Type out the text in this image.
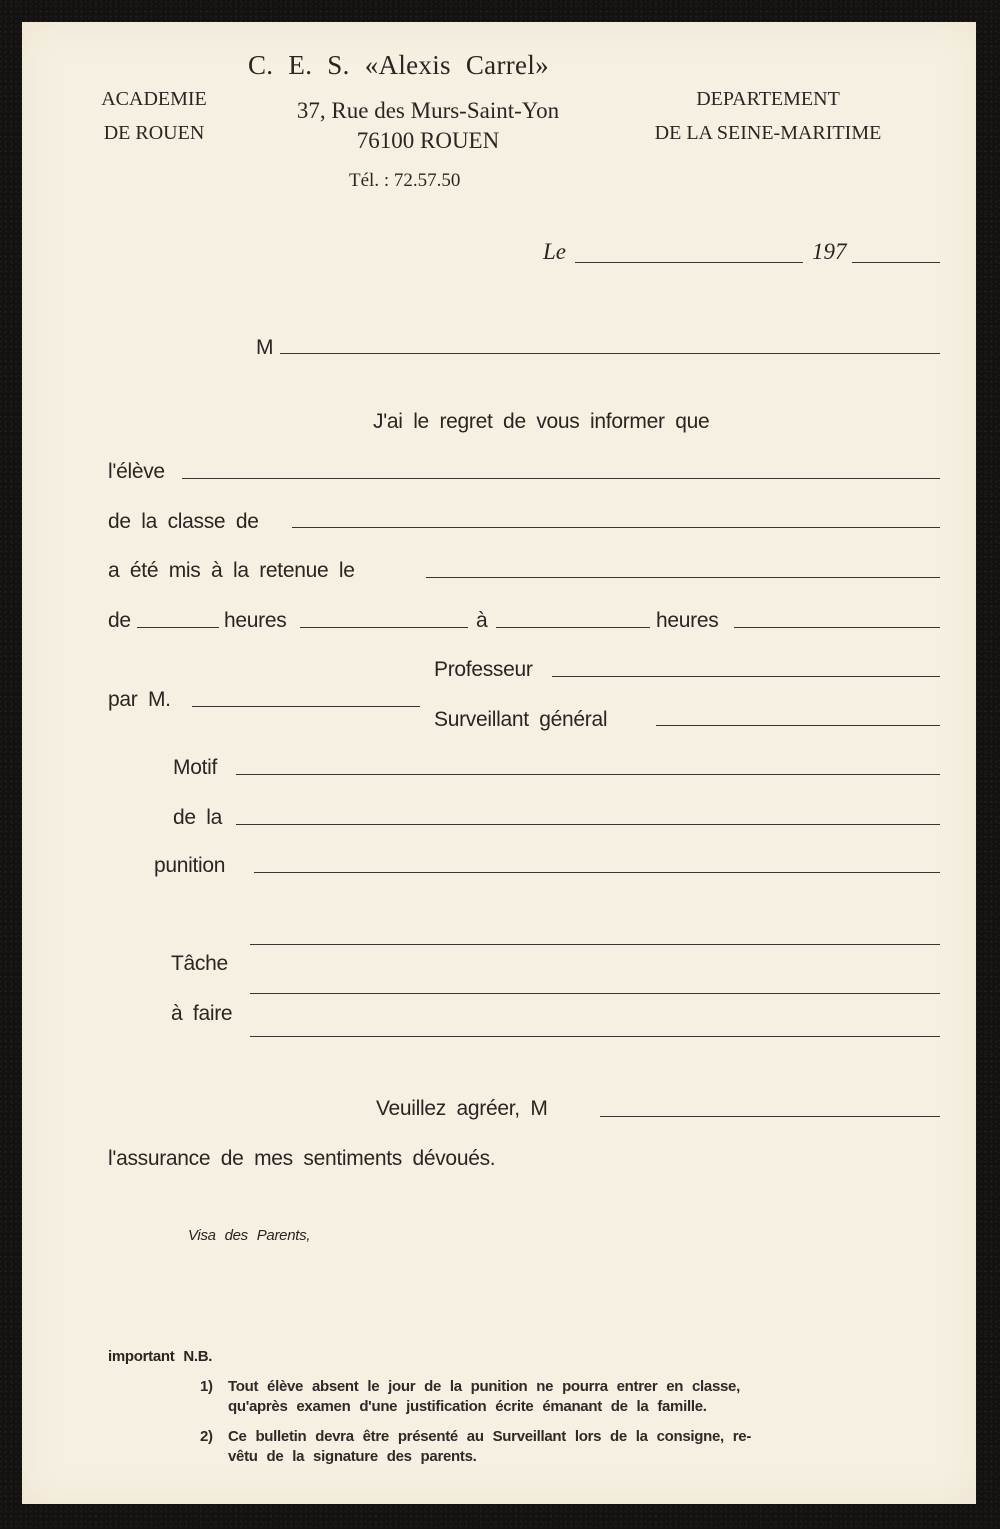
C. E. S. «Alexis Carrel»
ACADEMIE
DE ROUEN
37, Rue des Murs-Saint-Yon
76100 ROUEN
Tél. : 72.57.50
DEPARTEMENT
DE LA SEINE-MARITIME
Le	197
M
J'ai le regret de vous informer que
l'élève
de la classe de
a été mis à la retenue le
de	heures	à	heures
Professeur
par M.
Surveillant général
Motif
de la
punition
Tâche
à faire
Veuillez agréer, M
l'assurance de mes sentiments dévoués.
Visa des Parents,
important N.B.
1) Tout élève absent le jour de la punition ne pourra entrer en classe,
qu'après examen d'une justification écrite émanant de la famille.
2) Ce bulletin devra être présenté au Surveillant lors de la consigne, re-
vêtu de la signature des parents.
